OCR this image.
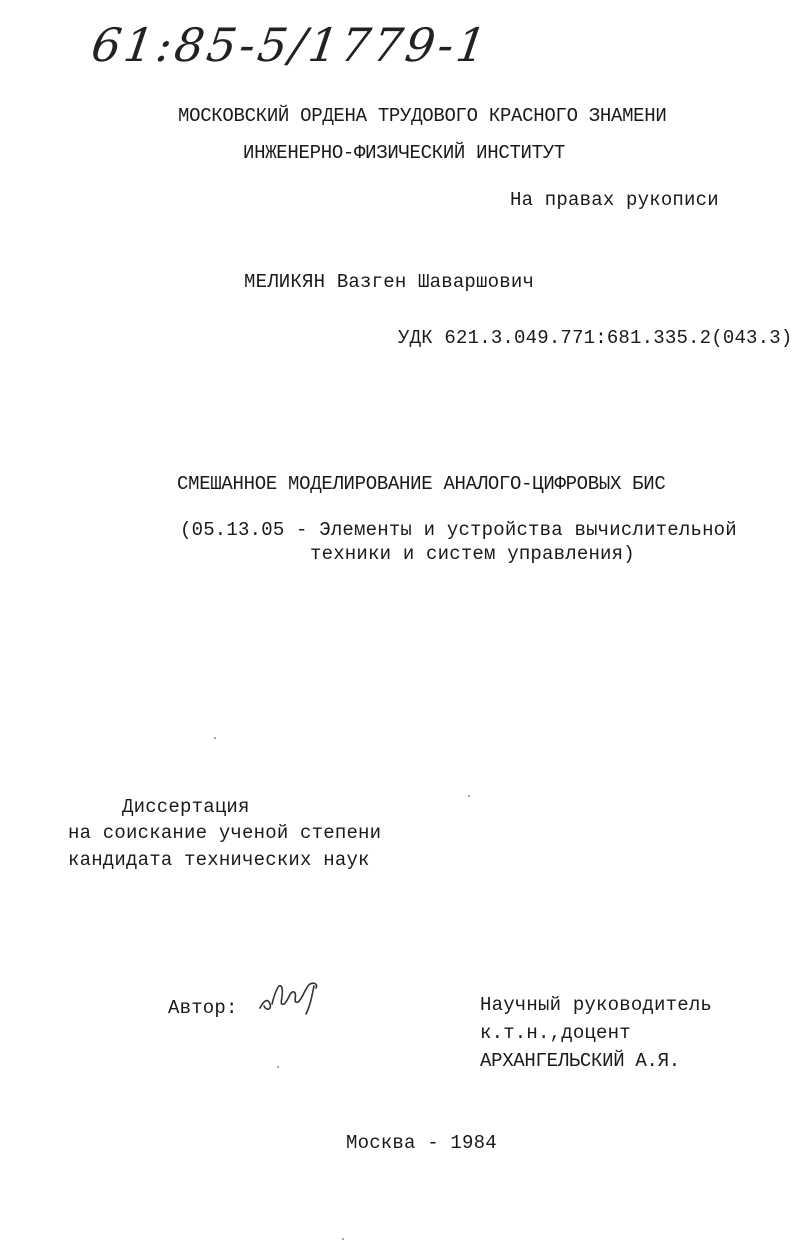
61:85-5/1779-1
МОСКОВСКИЙ ОРДЕНА ТРУДОВОГО КРАСНОГО ЗНАМЕНИ
ИНЖЕНЕРНО-ФИЗИЧЕСКИЙ ИНСТИТУТ
На правах рукописи
МЕЛИКЯН Вазген Шаваршович
УДК 621.3.049.771:681.335.2(043.3)
СМЕШАННОЕ МОДЕЛИРОВАНИЕ АНАЛОГО-ЦИФРОВЫХ БИС
(05.13.05 - Элементы и устройства вычислительной
техники и систем управления)
Диссертация
на соискание ученой степени
кандидата технических наук
Автор:	Научный руководитель
к.т.н.,доцент
АРХАНГЕЛЬСКИЙ А.Я.
Москва - 1984
